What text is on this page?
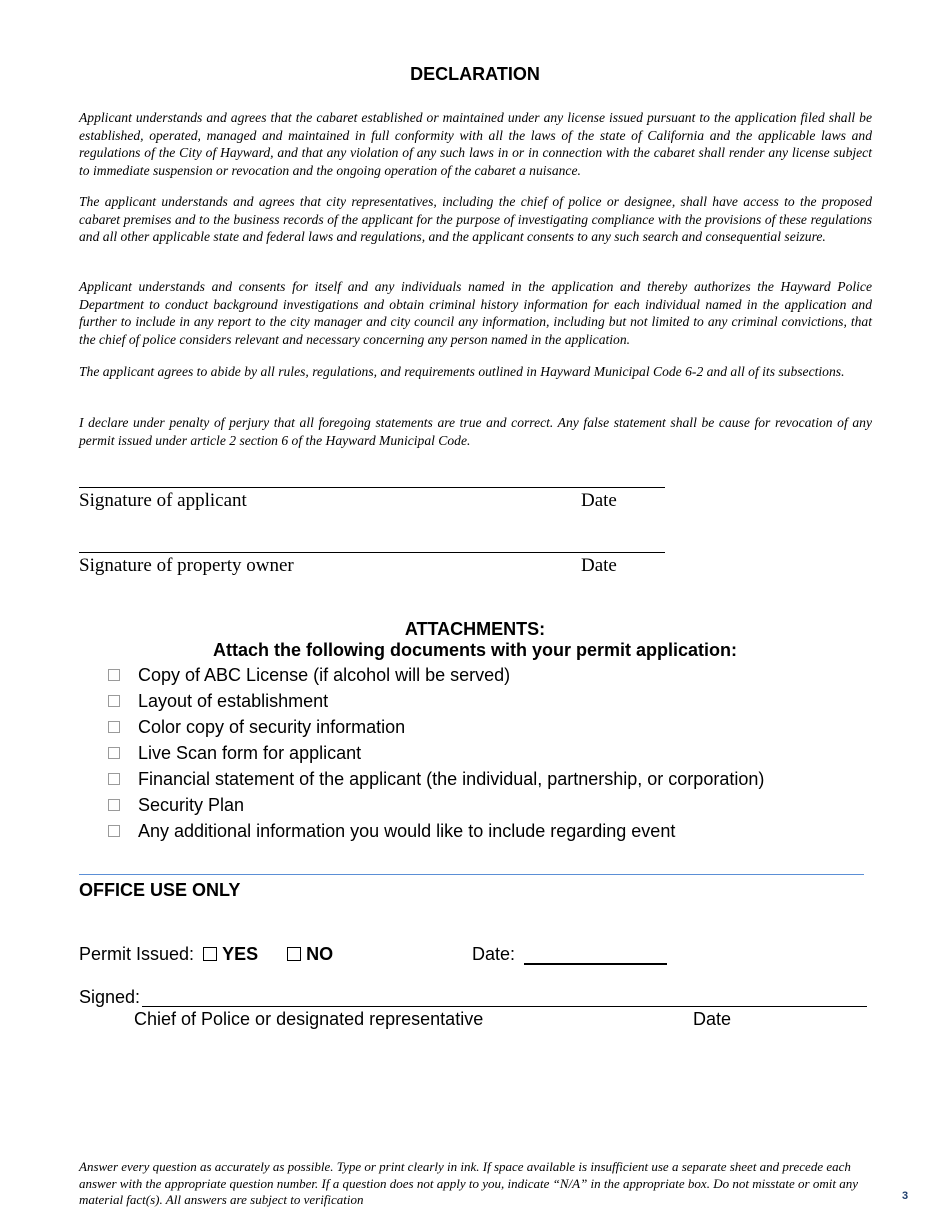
DECLARATION

Applicant understands and agrees that the cabaret established or maintained under any license issued pursuant to the application filed shall be established, operated, managed and maintained in full conformity with all the laws of the state of California and the applicable laws and regulations of the City of Hayward, and that any violation of any such laws in or in connection with the cabaret shall render any license subject to immediate suspension or revocation and the ongoing operation of the cabaret a nuisance.

The applicant understands and agrees that city representatives, including the chief of police or designee, shall have access to the proposed cabaret premises and to the business records of the applicant for the purpose of investigating compliance with the provisions of these regulations and all other applicable state and federal laws and regulations, and the applicant consents to any such search and consequential seizure.

Applicant understands and consents for itself and any individuals named in the application and thereby authorizes the Hayward Police Department to conduct background investigations and obtain criminal history information for each individual named in the application and further to include in any report to the city manager and city council any information, including but not limited to any criminal convictions, that the chief of police considers relevant and necessary concerning any person named in the application.

The applicant agrees to abide by all rules, regulations, and requirements outlined in Hayward Municipal Code 6-2 and all of its subsections.

I declare under penalty of perjury that all foregoing statements are true and correct. Any false statement shall be cause for revocation of any permit issued under article 2 section 6 of the Hayward Municipal Code.

Signature of applicant	Date
Signature of property owner	Date
ATTACHMENTS:
Attach the following documents with your permit application:
Copy of ABC License (if alcohol will be served)
Layout of establishment
Color copy of security information
Live Scan form for applicant
Financial statement of the applicant (the individual, partnership, or corporation)
Security Plan
Any additional information you would like to include regarding event
OFFICE USE ONLY
Permit Issued: YES	NO	Date:
Signed:
Chief of Police or designated representative	Date

Answer every question as accurately as possible. Type or print clearly in ink. If space available is insufficient use a separate sheet and precede each answer with the appropriate question number. If a question does not apply to you, indicate “N/A” in the appropriate box. Do not misstate or omit any material fact(s). All answers are subject to verification	3
